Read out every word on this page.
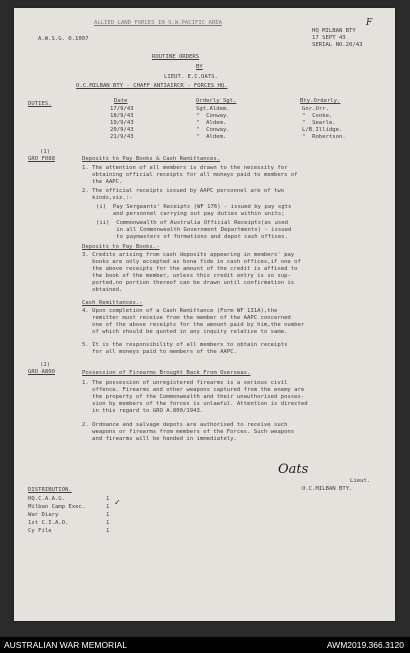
F
ALLIED LAND FORCES IN S.W.PACIFIC AREA
A.W.S.G. 0.1007
HQ MILBAN BTY
17 SEPT 43
SERIAL NO.20/43
ROUTINE ORDERS
BY
LIEUT. E.C.OATS.
O.C.MILBAN BTY - CHAFF ANTIAIRCR - FORCES HQ.
DUTIES.	Date	Orderly Sgt.	Bty.Orderly.
17/9/43	Sgt.Aldem.	Gnr.Orr.
18/9/43	"  Conway.	"  Cooke.
19/9/43	"  Aldem.	"  Searle.
20/9/43	"  Conway.	L/B.Illidge.
21/9/43	"  Aldem.	"  Robertson.
(1)
GRO F088	Deposits to Pay Books & Cash Remittances.
1. The attention of all members is drawn to the necessity for
obtaining official receipts for all moneys paid to members of
the AAPC.
2. The official receipts issued by AAPC personnel are of two
kinds,viz.:-
(i)  Pay Sergeants' Receipts (WF 176) - issued by pay sgts
and personnel carrying out pay duties within units;
(ii)  Commonwealth of Australia Official Receipts(as used
in all Commonwealth Government Departments) - issued
to paymasters of formations and depot cash offices.
Deposits to Pay Books.-
3. Credits arising from cash deposits appearing in members' pay
books are only accepted as bona fide in cash offices,if one of
the above receipts for the amount of the credit is affixed to
the book of the member, unless this credit entry is so sup-
ported,no portion thereof can be drawn until confirmation is
obtained.
Cash Remittances.-
4. Upon completion of a Cash Remittance (Form WF 131A),the
remitter must receive from the member of the AAPC concerned
one of the above receipts for the amount paid by him,the number
of which should be quoted in any inquiry relative to same.
5. It is the responsibility of all members to obtain receipts
for all moneys paid to members of the AAPC.
(2)
GRO A800	Possession of Firearms Brought Back From Overseas.
1. The possession of unregistered firearms is a serious civil
offence. Firearms and other weapons captured from the enemy are
the property of the Commonwealth and their unauthorised posses-
sion by members of the forces is unlawful. Attention is directed
in this regard to GRO A.800/1943.
2. Ordnance and salvage depots are authorised to receive such
weapons or firearms from members of the Forces. Such weapons
and firearms will be handed in immediately.
Oats
Lieut.
O.C.MILBAN BTY.
DISTRIBUTION.
HQ.C.A.A.G.	1
Milban Camp Exec.	1
War Diary	1
1st C.I.A.O.	1
Cy File	1
✓
AUSTRALIAN WAR MEMORIAL	AWM2019.366.3120
